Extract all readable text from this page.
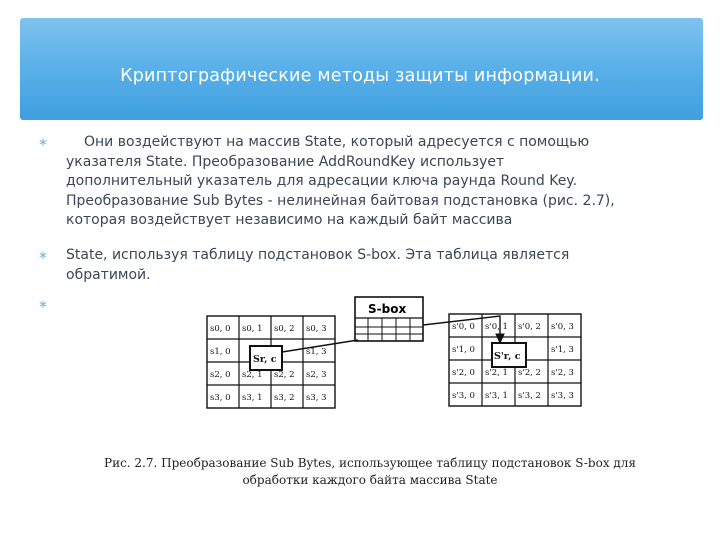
Криптографические методы защиты информации.
∗	Они воздействуют на массив State, который адресуется с помощью
указателя State. Преобразование AddRoundKey использует
дополнительный указатель для адресации ключа раунда Round Key.
Преобразование Sub Bytes - нелинейная байтовая подстановка (рис. 2.7),
которая воздействует независимо на каждый байт массива
∗ State, используя таблицу подстановок S-box. Эта таблица является
обратимой.
∗	S-box
s0, 0 s0, 1 s0, 2 s0, 3
s1, 0	s1, 3
s2, 0 s2, 1 s2, 2 s2, 3
s3, 0 s3, 1 s3, 2 s3, 3
Sr, c
s'0, 0 s'0, 1 s'0, 2 s'0, 3
s'1, 0	s'1, 3
s'2, 0 s'2, 1 s'2, 2 s'2, 3
s'3, 0 s'3, 1 s'3, 2 s'3, 3
S'r, c
Рис. 2.7. Преобразование Sub Bytes, использующее таблицу подстановок S-box для
обработки каждого байта массива State
